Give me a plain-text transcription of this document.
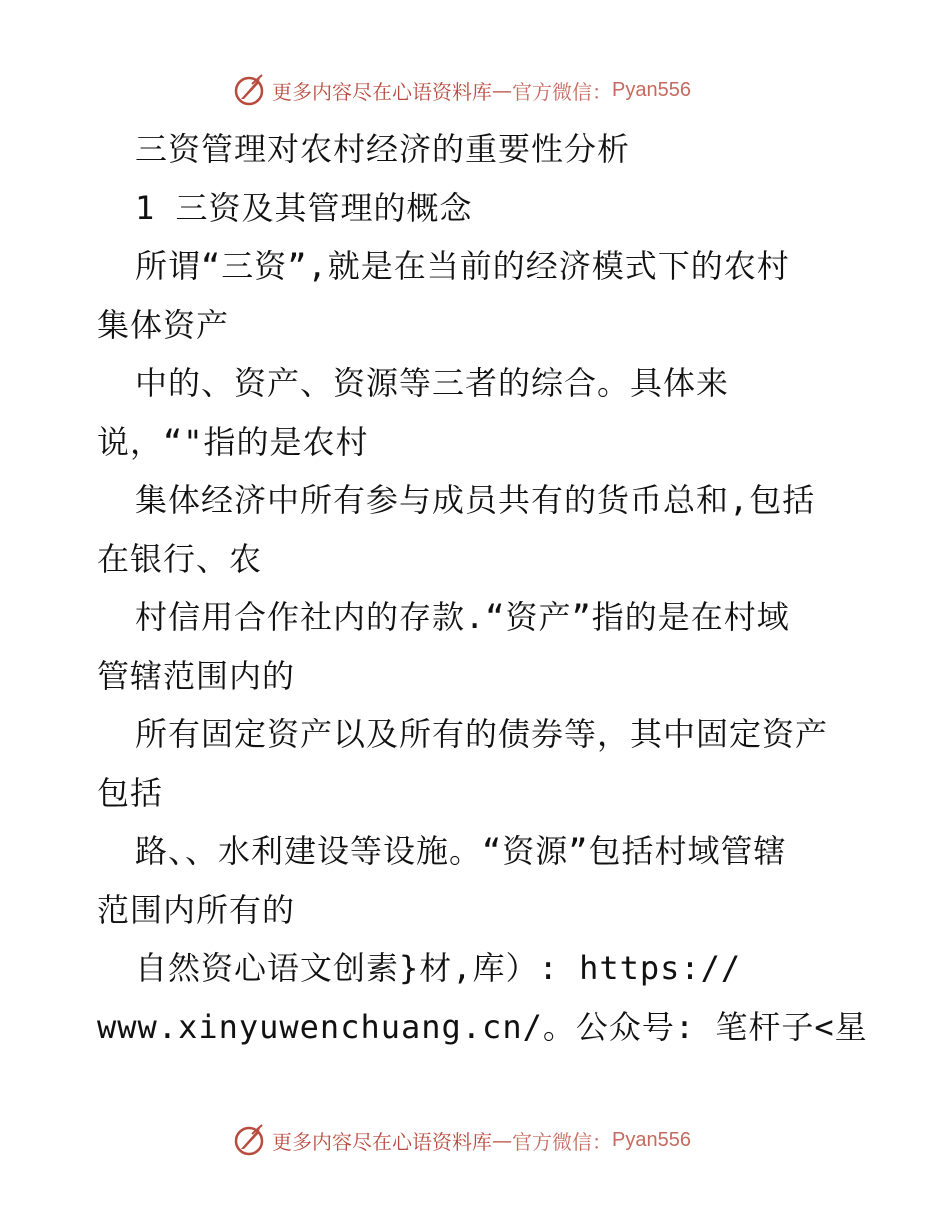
更多内容尽在心语资料库 — 官方微信： Pyan556
三资管理对农村经济的重要性分析
1 三资及其管理的概念
所谓“三资”,就是在当前的经济模式下的农村
集体资产
中的、资产、资源等三者的综合。具体来
说，“"指的是农村
集体经济中所有参与成员共有的货币总和,包括
在银行、农
村信用合作社内的存款.“资产”指的是在村域
管辖范围内的
所有固定资产以及所有的债券等，其中固定资产
包括
路、、水利建设等设施。“资源”包括村域管辖
范围内所有的
自然资心语文创素}材,库）: https://
www.xinyuwenchuang.cn/。公众号: 笔杆子<星
更多内容尽在心语资料库 — 官方微信： Pyan556
